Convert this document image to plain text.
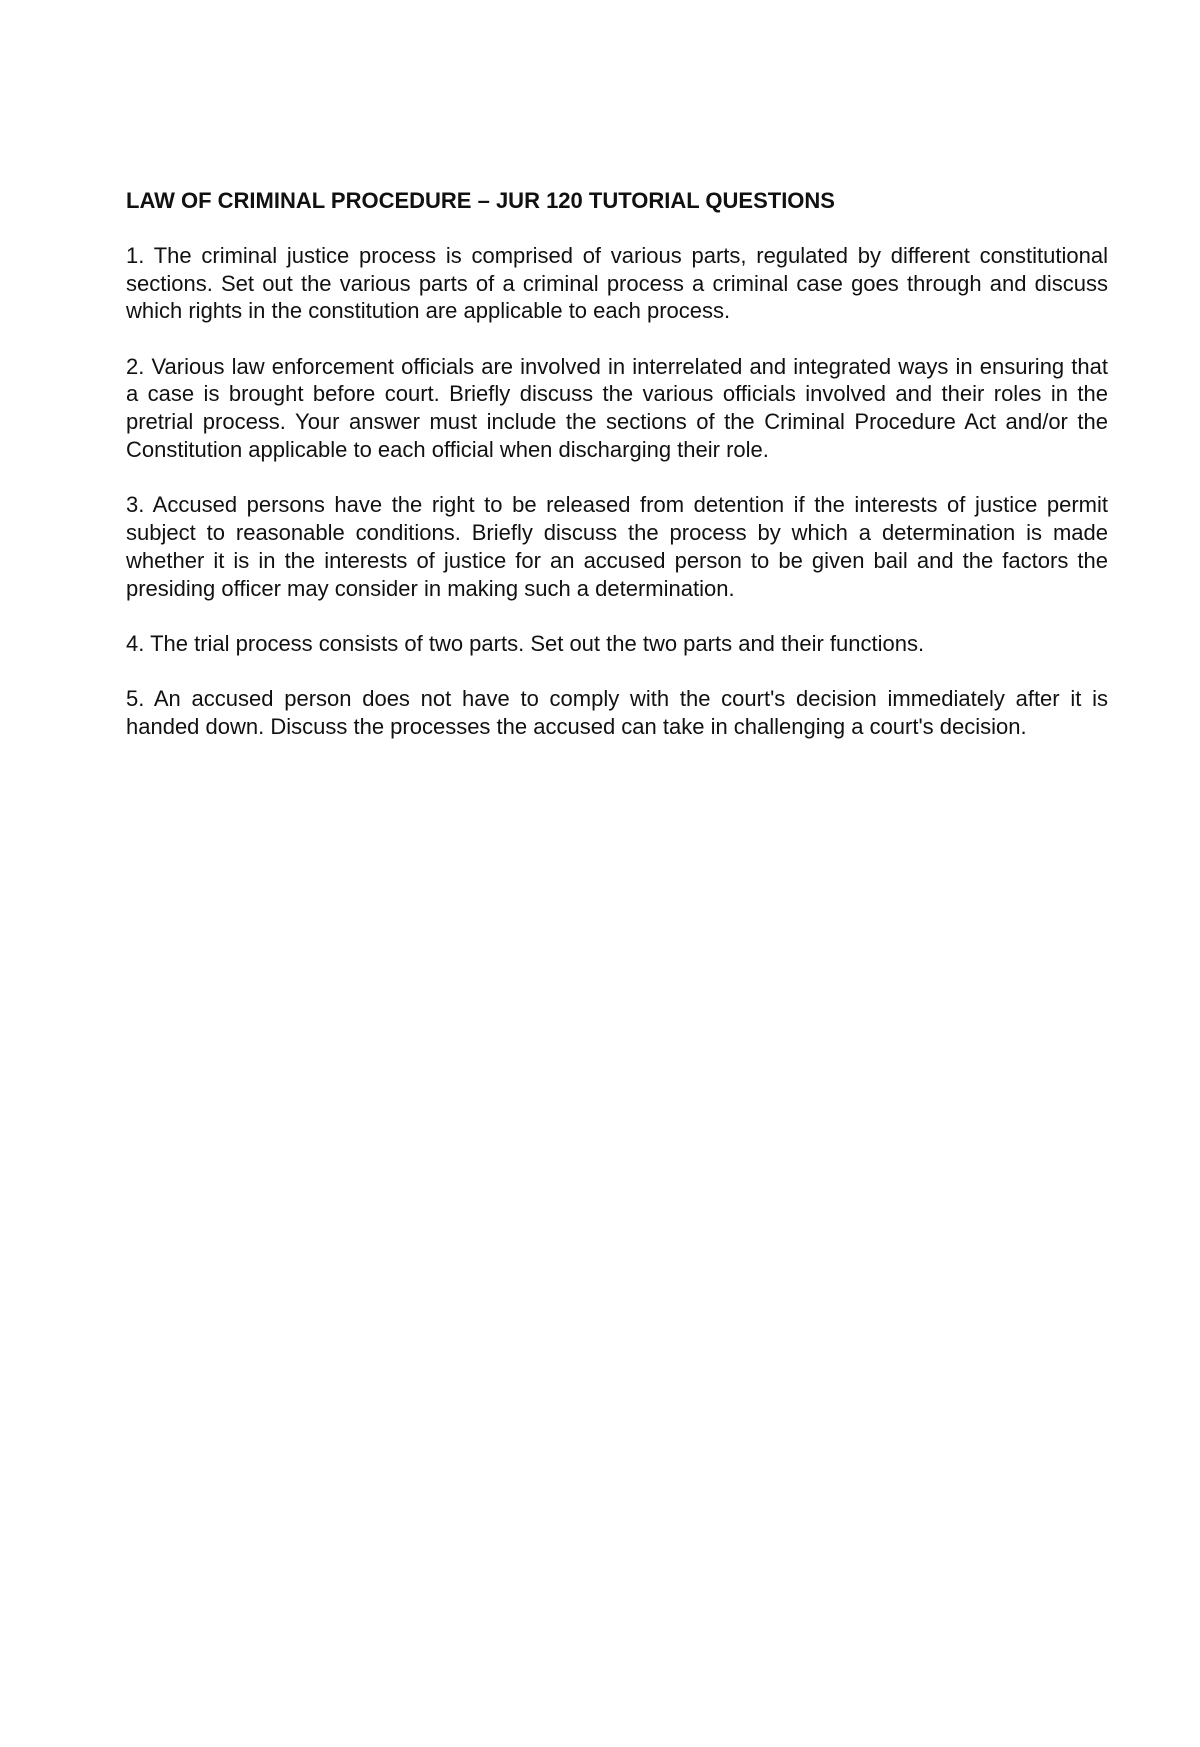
LAW OF CRIMINAL PROCEDURE – JUR 120 TUTORIAL QUESTIONS

1. The criminal justice process is comprised of various parts, regulated by different constitutional sections. Set out the various parts of a criminal process a criminal case goes through and discuss which rights in the constitution are applicable to each process.

2. Various law enforcement officials are involved in interrelated and integrated ways in ensuring that a case is brought before court. Briefly discuss the various officials involved and their roles in the pretrial process. Your answer must include the sections of the Criminal Procedure Act and/or the Constitution applicable to each official when discharging their role.

3. Accused persons have the right to be released from detention if the interests of justice permit subject to reasonable conditions. Briefly discuss the process by which a determination is made whether it is in the interests of justice for an accused person to be given bail and the factors the presiding officer may consider in making such a determination.

4. The trial process consists of two parts. Set out the two parts and their functions.

5. An accused person does not have to comply with the court's decision immediately after it is handed down. Discuss the processes the accused can take in challenging a court's decision.
